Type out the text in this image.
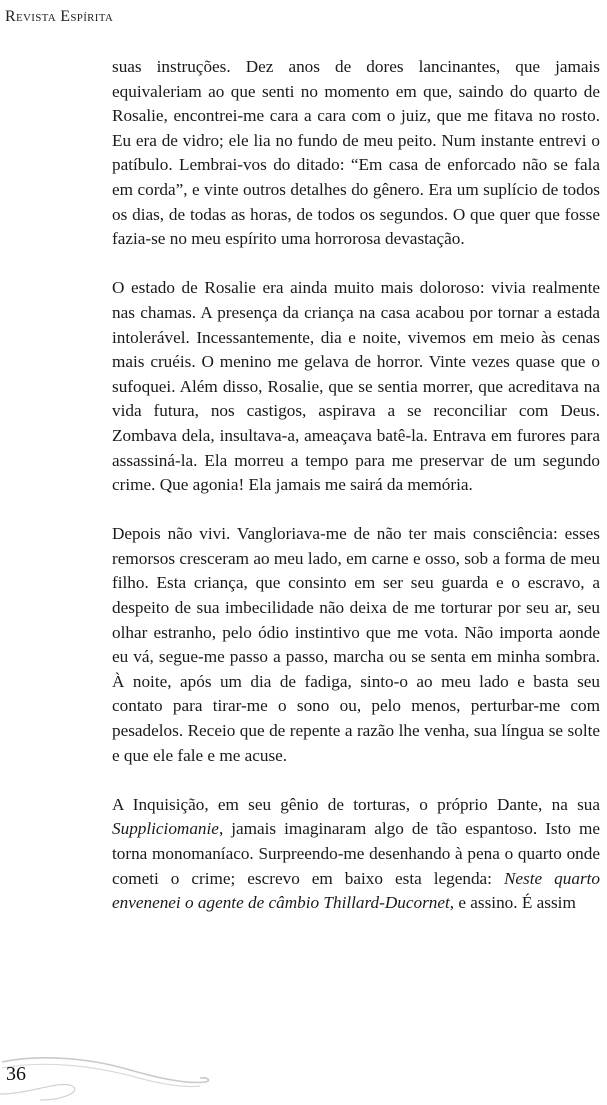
Revista Espírita

suas instruções. Dez anos de dores lancinantes, que jamais equivaleriam ao que senti no momento em que, saindo do quarto de Rosalie, encontrei-me cara a cara com o juiz, que me fitava no rosto. Eu era de vidro; ele lia no fundo de meu peito. Num instante entrevi o patíbulo. Lembrai-vos do ditado: “Em casa de enforcado não se fala em corda”, e vinte outros detalhes do gênero. Era um suplício de todos os dias, de todas as horas, de todos os segundos. O que quer que fosse fazia-se no meu espírito uma horrorosa devastação.

O estado de Rosalie era ainda muito mais doloroso: vivia realmente nas chamas. A presença da criança na casa acabou por tornar a estada intolerável. Incessantemente, dia e noite, vivemos em meio às cenas mais cruéis. O menino me gelava de horror. Vinte vezes quase que o sufoquei. Além disso, Rosalie, que se sentia morrer, que acreditava na vida futura, nos castigos, aspirava a se reconciliar com Deus. Zombava dela, insultava-a, ameaçava batê-la. Entrava em furores para assassiná-la. Ela morreu a tempo para me preservar de um segundo crime. Que agonia! Ela jamais me sairá da memória.

Depois não vivi. Vangloriava-me de não ter mais consciência: esses remorsos cresceram ao meu lado, em carne e osso, sob a forma de meu filho. Esta criança, que consinto em ser seu guarda e o escravo, a despeito de sua imbecilidade não deixa de me torturar por seu ar, seu olhar estranho, pelo ódio instintivo que me vota. Não importa aonde eu vá, segue-me passo a passo, marcha ou se senta em minha sombra. À noite, após um dia de fadiga, sinto-o ao meu lado e basta seu contato para tirar-me o sono ou, pelo menos, perturbar-me com pesadelos. Receio que de repente a razão lhe venha, sua língua se solte e que ele fale e me acuse.

A Inquisição, em seu gênio de torturas, o próprio Dante, na sua Suppliciomanie, jamais imaginaram algo de tão espantoso. Isto me torna monomaníaco. Surpreendo-me desenhando à pena o quarto onde cometi o crime; escrevo em baixo esta legenda: Neste quarto envenenei o agente de câmbio Thillard-Ducornet, e assino. É assim

36
